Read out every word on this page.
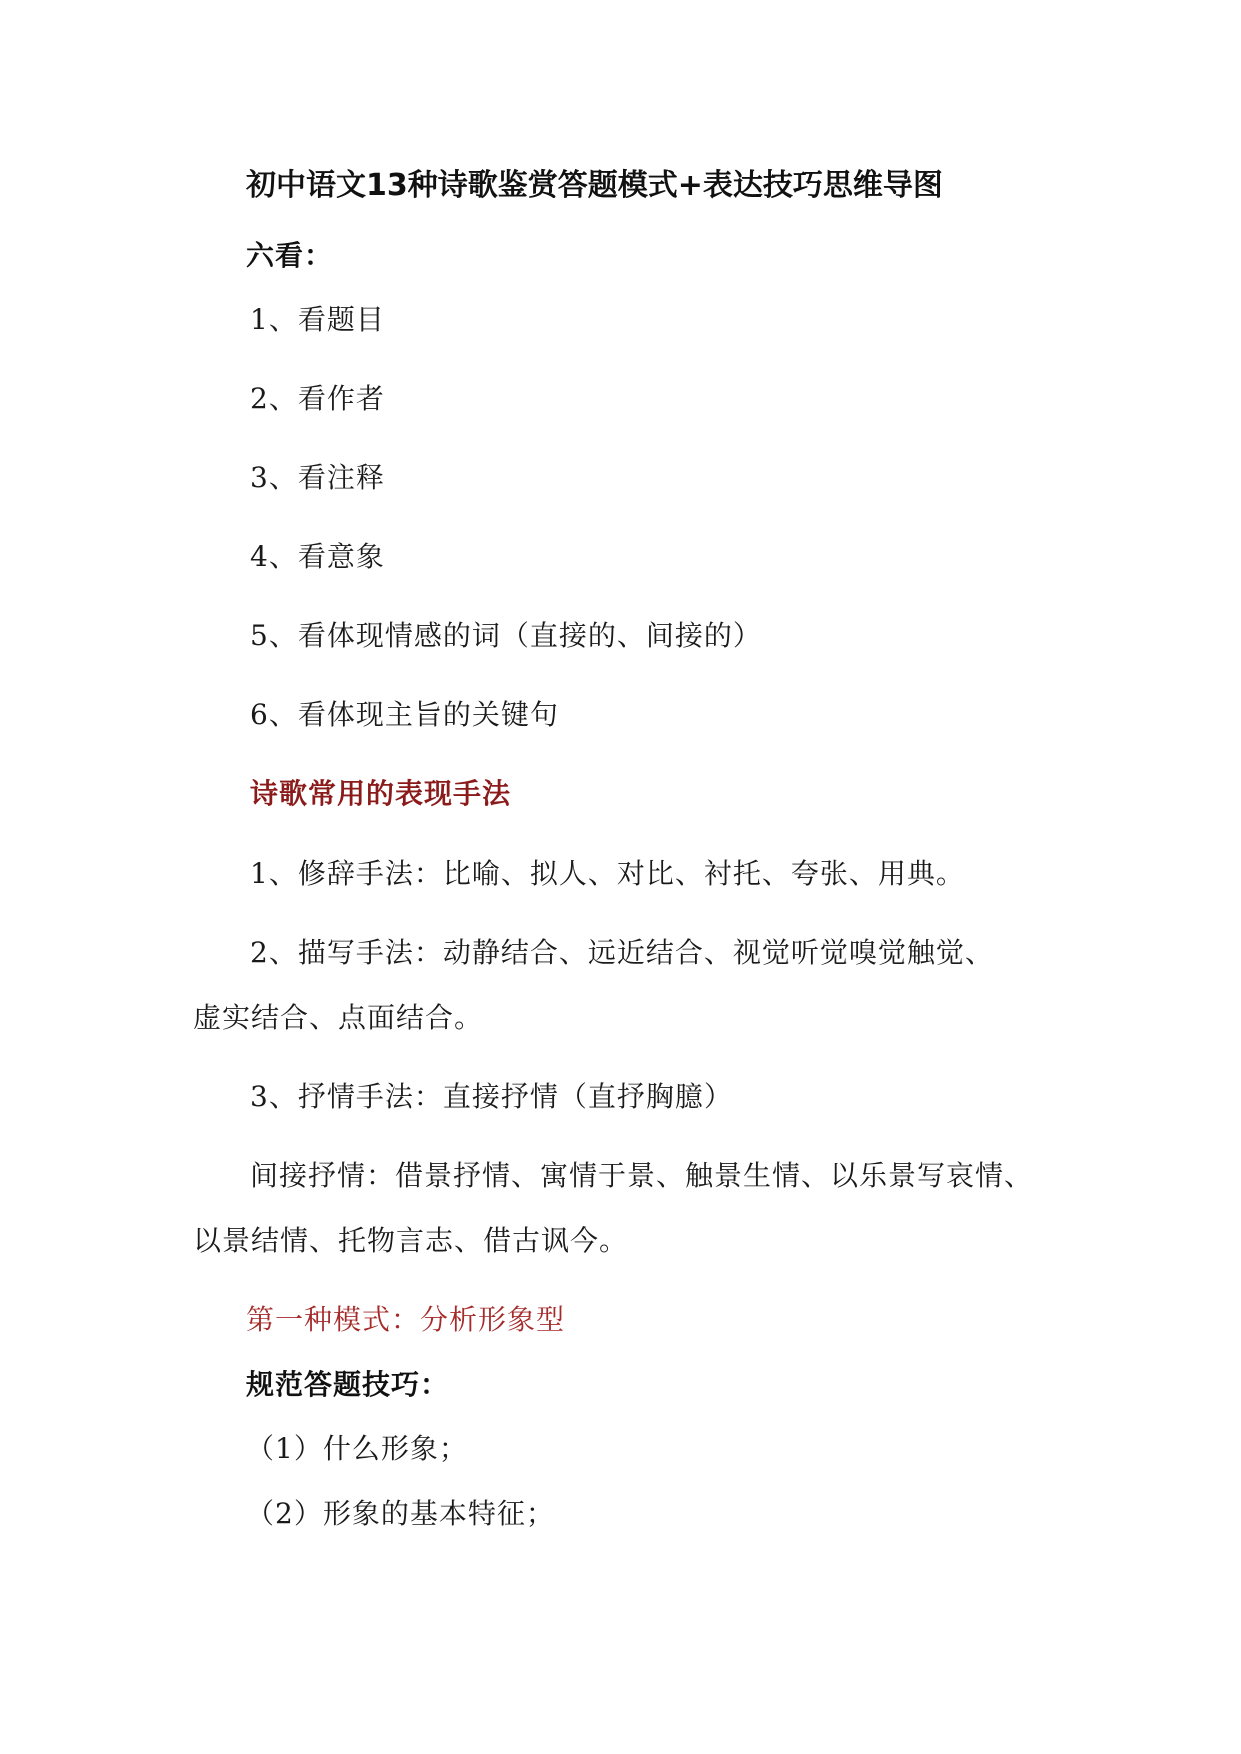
初中语文13种诗歌鉴赏答题模式+表达技巧思维导图
六看：
1、看题目
2、看作者
3、看注释
4、看意象
5、看体现情感的词（直接的、间接的）
6、看体现主旨的关键句
诗歌常用的表现手法
1、修辞手法：比喻、拟人、对比、衬托、夸张、用典。
2、描写手法：动静结合、远近结合、视觉听觉嗅觉触觉、
虚实结合、点面结合。
3、抒情手法：直接抒情（直抒胸臆）
间接抒情：借景抒情、寓情于景、触景生情、以乐景写哀情、
以景结情、托物言志、借古讽今。
第一种模式：分析形象型
规范答题技巧：
（1）什么形象；
（2）形象的基本特征；
